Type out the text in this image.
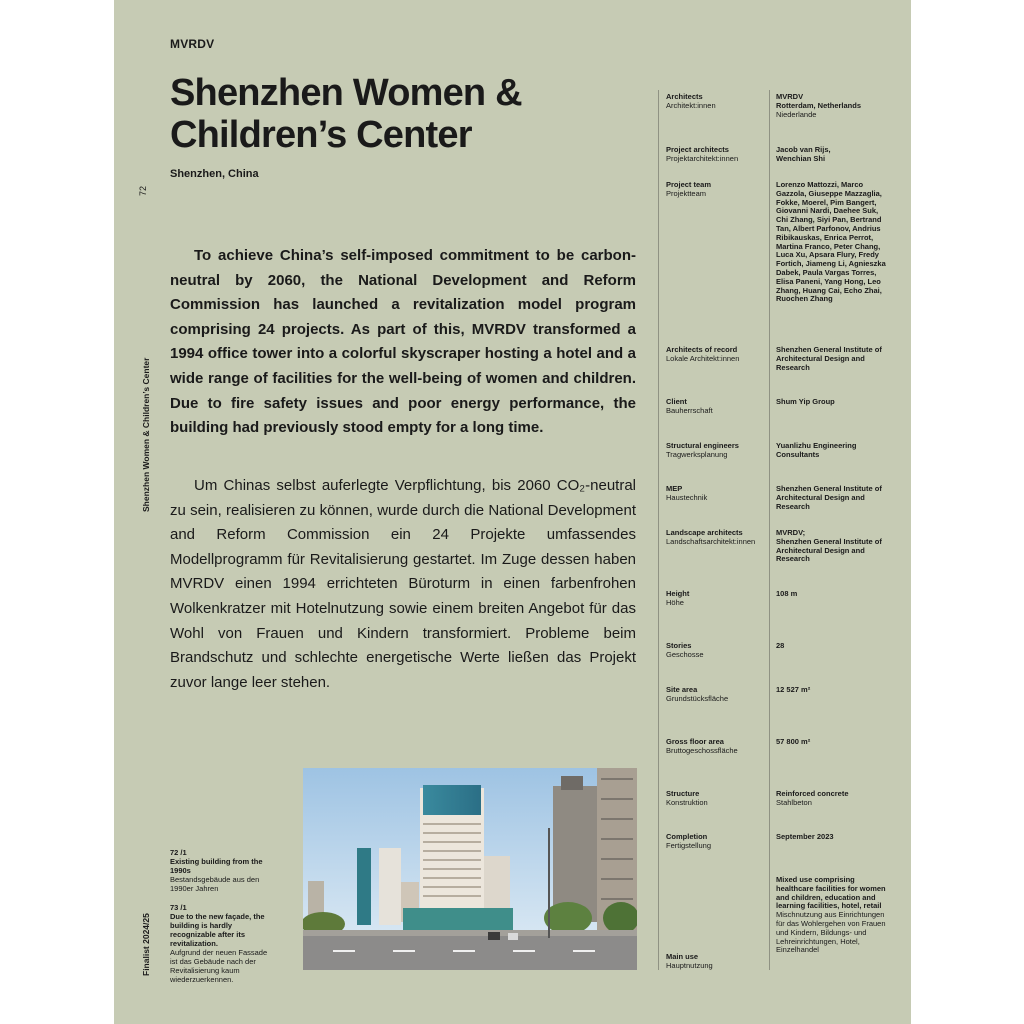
MVRDV
Shenzhen Women & Children’s Center
Shenzhen, China
72
Shenzhen Women & Children’s Center
Finalist 2024/25

To achieve China’s self-imposed commitment to be carbon-neutral by 2060, the National Development and Reform Commission has launched a revitalization model program comprising 24 projects. As part of this, MVRDV transformed a 1994 office tower into a colorful skyscraper hosting a hotel and a wide range of facilities for the well-being of women and children. Due to fire safety issues and poor energy performance, the building had previously stood empty for a long time.

Um Chinas selbst auferlegte Verpflichtung, bis 2060 CO₂-neutral zu sein, realisieren zu können, wurde durch die National Development and Reform Commission ein 24 Projekte umfassendes Modellprogramm für Revitalisierung gestartet. Im Zuge dessen haben MVRDV einen 1994 errichteten Büroturm in einen farbenfrohen Wolkenkratzer mit Hotelnutzung sowie einem breiten Angebot für das Wohl von Frauen und Kindern transformiert. Probleme beim Brandschutz und schlechte energetische Werte ließen das Projekt zuvor lange leer stehen.

72 /1
Existing building from the 1990s
Bestandsgebäude aus den 1990er Jahren
73 /1
Due to the new façade, the building is hardly recognizable after its revitalization.
Aufgrund der neuen Fassade ist das Gebäude nach der Revitalisierung kaum wiederzuerkennen.
Architects
Architekt:innen
MVRDV
Rotterdam, Netherlands
Niederlande
Project architects
Projektarchitekt:innen
Jacob van Rijs,
Wenchian Shi
Project team
Projektteam
Lorenzo Mattozzi, Marco Gazzola, Giuseppe Mazzaglia, Fokke, Moerel, Pim Bangert, Giovanni Nardi, Daehee Suk, Chi Zhang, Siyi Pan, Bertrand Tan, Albert Parfonov, Andrius Ribikauskas, Enrica Perrot, Martina Franco, Peter Chang, Luca Xu, Apsara Flury, Fredy Fortich, Jiameng Li, Agnieszka Dabek, Paula Vargas Torres, Elisa Paneni, Yang Hong, Leo Zhang, Huang Cai, Echo Zhai, Ruochen Zhang
Architects of record
Lokale Architekt:innen
Shenzhen General Institute of Architectural Design and Research
Client
Bauherrschaft
Shum Yip Group
Structural engineers
Tragwerksplanung
Yuanlizhu Engineering Consultants
MEP
Haustechnik
Shenzhen General Institute of Architectural Design and Research
Landscape architects
Landschaftsarchitekt:innen
MVRDV;
Shenzhen General Institute of Architectural Design and Research
Height
Höhe
108 m
Stories
Geschosse
28
Site area
Grundstücksfläche
12 527 m²
Gross floor area
Bruttogeschossfläche
57 800 m²
Structure
Konstruktion
Reinforced concrete
Stahlbeton
Completion
Fertigstellung
September 2023
Main use
Hauptnutzung
Mixed use comprising healthcare facilities for women and children, education and learning facilities, hotel, retail
Mischnutzung aus Einrichtungen für das Wohlergehen von Frauen und Kindern, Bildungs- und Lehreinrichtungen, Hotel, Einzelhandel
